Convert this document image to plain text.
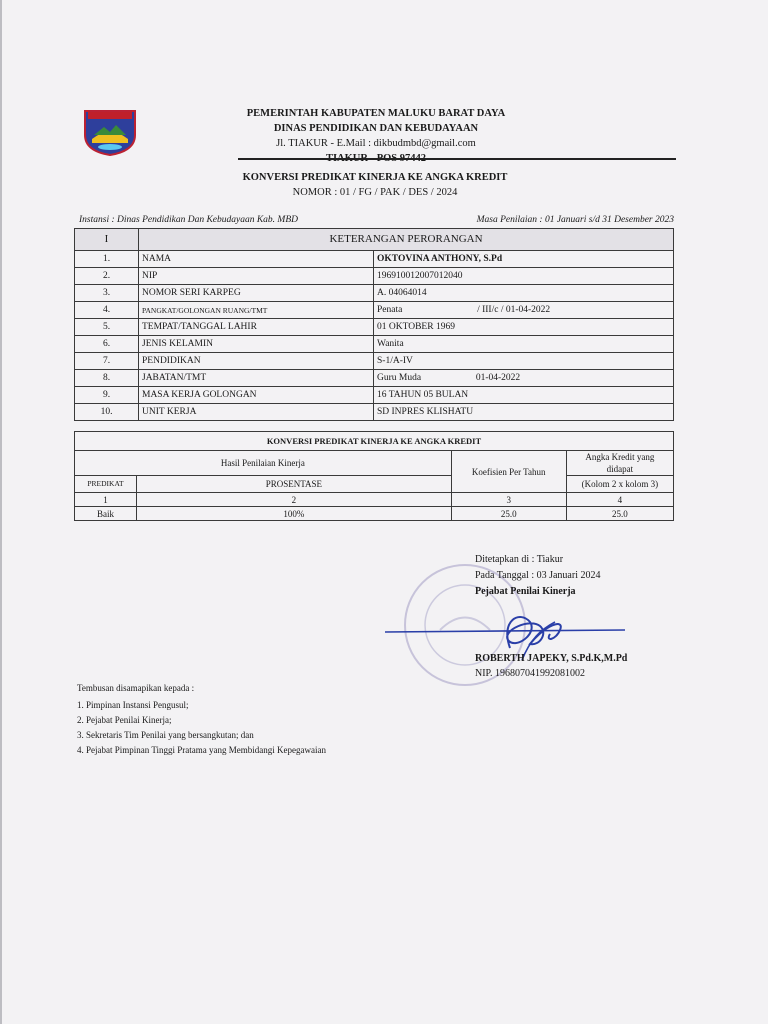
PEMERINTAH KABUPATEN MALUKU BARAT DAYA
DINAS PENDIDIKAN DAN KEBUDAYAAN
Jl. TIAKUR - E.Mail : dikbudmbd@gmail.com
KONVERSI PREDIKAT KINERJA KE ANGKA KREDIT
NOMOR : 01 / FG / PAK / DES / 2024
Instansi : Dinas Pendidikan Dan Kebudayaan Kab. MBD	Masa Penilaian : 01 Januari s/d 31 Desember 2023
I	KETERANGAN PERORANGAN	
1.	NAMA	OKTOVINA ANTHONY, S.Pd
2.	NIP	196910012007012040
3.	NOMOR SERI KARPEG	A. 04064014
4.	PANGKAT/GOLONGAN RUANG/TMT	Penata / III/c / 01-04-2022
5.	TEMPAT/TANGGAL LAHIR	01 OKTOBER 1969
6.	JENIS KELAMIN	Wanita
7.	PENDIDIKAN	S-1/A-IV
8.	JABATAN/TMT	Guru Muda 01-04-2022
9.	MASA KERJA GOLONGAN	16 TAHUN 05 BULAN
10.	UNIT KERJA	SD INPRES KLISHATU
KONVERSI PREDIKAT KINERJA KE ANGKA KREDIT			
Hasil Penilaian Kinerja		Koefisien Per Tahun	Angka Kredit yang
didapat

PREDIKAT	PROSENTASE		(Kolom 2 x kolom 3)
1	2	3	4
Baik	100%	25.0	25.0
Ditetapkan di : Tiakur
Pada Tanggal : 03 Januari 2024
Pejabat Penilai Kinerja
ROBERTH JAPEKY, S.Pd.K,M.Pd
NIP. 196807041992081002
Tembusan disamapikan kepada :
1. Pimpinan Instansi Pengusul;
2. Pejabat Penilai Kinerja;
3. Sekretaris Tim Penilai yang bersangkutan; dan
4. Pejabat Pimpinan Tinggi Pratama yang Membidangi Kepegawaian
